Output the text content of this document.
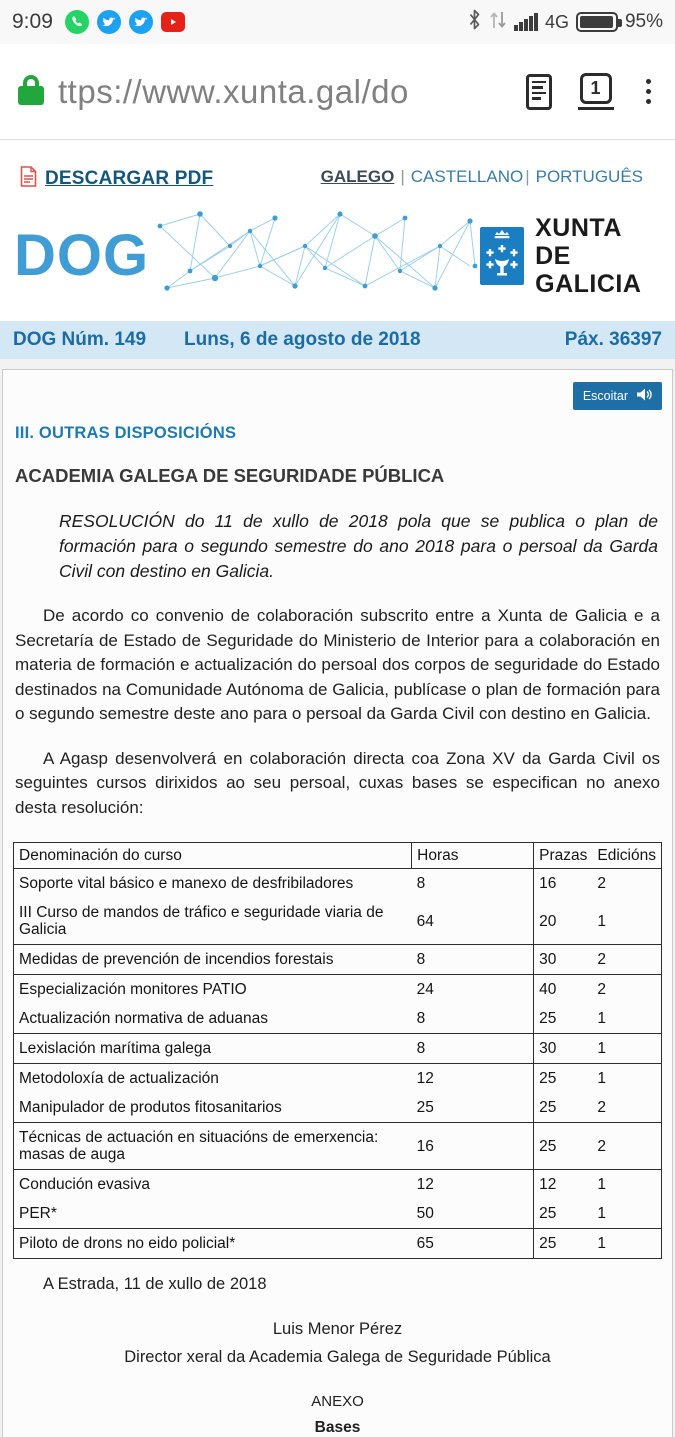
9:09	4G	95%
ttps://www.xunta.gal/do	1
DESCARGAR PDF	GALEGO | CASTELLANO | PORTUGUÊS
DOG	XUNTA
DE GALICIA
DOG Núm. 149 Luns, 6 de agosto de 2018	Páx. 36397
Escoitar
III. OUTRAS DISPOSICIÓNS
ACADEMIA GALEGA DE SEGURIDADE PÚBLICA
RESOLUCIÓN do 11 de xullo de 2018 pola que se publica o plan de formación para o segundo semestre do ano 2018 para o persoal da Garda Civil con destino en Galicia.
De acordo co convenio de colaboración subscrito entre a Xunta de Galicia e a Secretaría de Estado de Seguridade do Ministerio de Interior para a colaboración en materia de formación e actualización do persoal dos corpos de seguridade do Estado destinados na Comunidade Autónoma de Galicia, publícase o plan de formación para o segundo semestre deste ano para o persoal da Garda Civil con destino en Galicia.
A Agasp desenvolverá en colaboración directa coa Zona XV da Garda Civil os seguintes cursos dirixidos ao seu persoal, cuxas bases se especifican no anexo desta resolución:
Denominación do curso	Horas	Prazas	Edicións
Soporte vital básico e manexo de desfribiladores	8	16	2
III Curso de mandos de tráfico e seguridade viaria de Galicia	64	20	1
Medidas de prevención de incendios forestais	8	30	2
Especialización monitores PATIO	24	40	2
Actualización normativa de aduanas	8	25	1
Lexislación marítima galega	8	30	1
Metodoloxía de actualización	12	25	1
Manipulador de produtos fitosanitarios	25	25	2
Técnicas de actuación en situacións de emerxencia: masas de auga	16	25	2
Condución evasiva	12	12	1
PER*	50	25	1
Piloto de drons no eido policial*	65	25	1
A Estrada, 11 de xullo de 2018
Luis Menor Pérez
Director xeral da Academia Galega de Seguridade Pública
ANEXO
Bases
